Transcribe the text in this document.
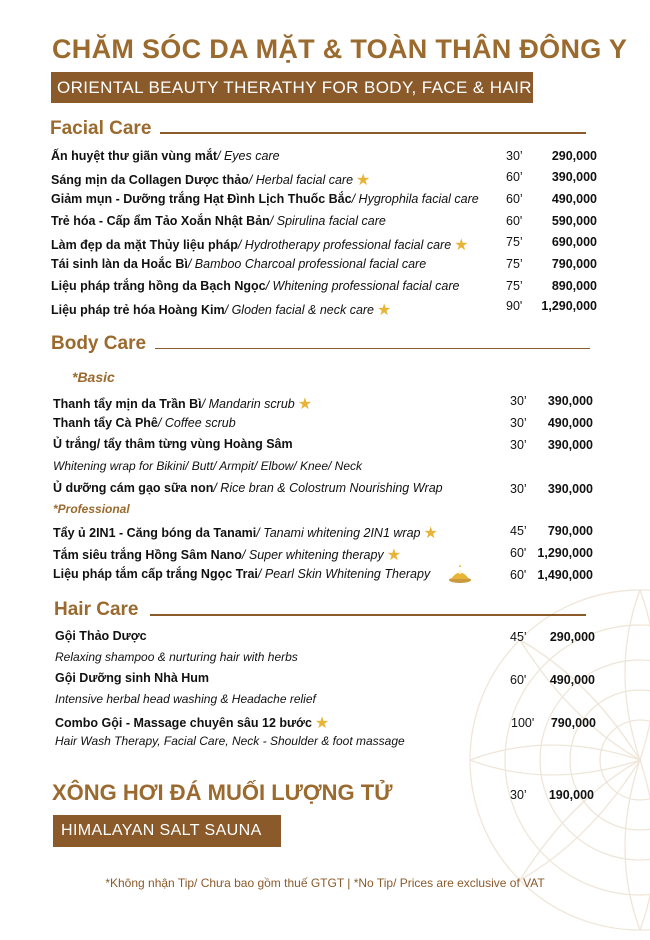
CHĂM SÓC DA MẶT & TOÀN THÂN ĐÔNG Y
ORIENTAL BEAUTY THERATHY FOR BODY, FACE & HAIR
Facial Care
Ấn huyệt thư giãn vùng mắt/ Eyes care	30’	290,000
Sáng mịn da Collagen Dược thảo/ Herbal facial care ★	60’	390,000
Giảm mụn - Dưỡng trắng Hạt Đình Lịch Thuốc Bắc/ Hygrophila facial care 60’	490,000
Trẻ hóa - Cấp ẩm Tảo Xoắn Nhật Bản/ Spirulina facial care	60'	590,000
Làm đẹp da mặt Thủy liệu pháp/ Hydrotherapy professional facial care ★	75’	690,000
Tái sinh làn da Hoắc Bì/ Bamboo Charcoal professional facial care	75’	790,000
Liệu pháp trắng hồng da Bạch Ngọc/ Whitening professional facial care	75’	890,000
Liệu pháp trẻ hóa Hoàng Kim/ Gloden facial & neck care ★	90'	1,290,000
Body Care
*Basic
Thanh tẩy mịn da Trần Bì/ Mandarin scrub ★	30’	390,000
Thanh tẩy Cà Phê/ Coffee scrub	30’	490,000
Ủ trắng/ tẩy thâm từng vùng Hoàng Sâm	30’	390,000
Whitening wrap for Bikini/ Butt/ Armpit/ Elbow/ Knee/ Neck
Ủ dưỡng cám gạo sữa non/ Rice bran & Colostrum Nourishing Wrap	30’	390,000
*Professional
Tẩy ủ 2IN1 - Căng bóng da Tanami/ Tanami whitening 2IN1 wrap ★	45’	790,000
Tắm siêu trắng Hồng Sâm Nano/ Super whitening therapy ★	60' 1,290,000
Liệu pháp tắm cấp trắng Ngọc Trai/ Pearl Skin Whitening Therapy	60' 1,490,000
Hair Care
Gội Thảo Dược	45’	290,000
Relaxing shampoo & nurturing hair with herbs
Gội Dưỡng sinh Nhà Hum	60'	490,000
Intensive herbal head washing & Headache relief
Combo Gội - Massage chuyên sâu 12 bước ★	100'	790,000
Hair Wash Therapy, Facial Care, Neck - Shoulder & foot massage
XÔNG HƠI ĐÁ MUỐI LƯỢNG TỬ	30’	190,000
HIMALAYAN SALT SAUNA
*Không nhận Tip/ Chưa bao gồm thuế GTGT | *No Tip/ Prices are exclusive of VAT
